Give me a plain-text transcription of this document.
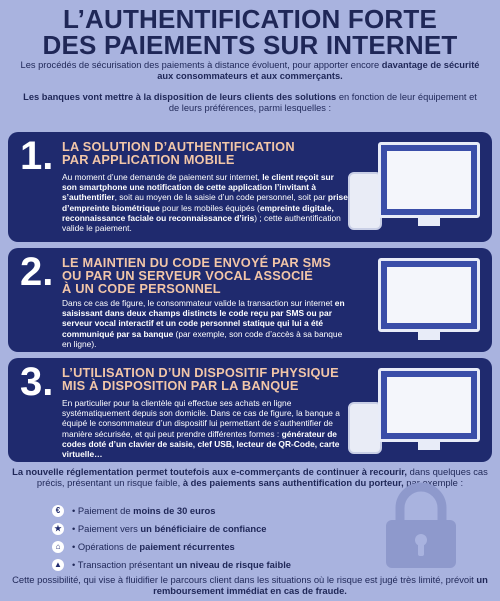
L’AUTHENTIFICATION FORTE
DES PAIEMENTS SUR INTERNET
Les procédés de sécurisation des paiements à distance évoluent, pour apporter encore davantage de sécurité aux consommateurs et aux commerçants.
Les banques vont mettre à la disposition de leurs clients des solutions en fonction de leur équipement et de leurs préférences, parmi lesquelles :
1. LA SOLUTION D’AUTHENTIFICATION
PAR APPLICATION MOBILE
Au moment d’une demande de paiement sur internet, le client reçoit sur son smartphone une notification de cette application l’invitant à s’authentifier, soit au moyen de la saisie d’un code personnel, soit par prise d’empreinte biométrique pour les mobiles équipés (empreinte digitale, reconnaissance faciale ou reconnaissance d’iris) ; cette authentification valide le paiement.
2. LE MAINTIEN DU CODE ENVOYÉ PAR SMS
OU PAR UN SERVEUR VOCAL ASSOCIÉ
À UN CODE PERSONNEL
Dans ce cas de figure, le consommateur valide la transaction sur internet en saisissant dans deux champs distincts le code reçu par SMS ou par serveur vocal interactif et un code personnel statique qui lui a été communiqué par sa banque (par exemple, son code d’accès à sa banque en ligne).
3. L’UTILISATION D’UN DISPOSITIF PHYSIQUE
MIS À DISPOSITION PAR LA BANQUE
En particulier pour la clientèle qui effectue ses achats en ligne systématiquement depuis son domicile. Dans ce cas de figure, la banque a équipé le consommateur d’un dispositif lui permettant de s’authentifier de manière sécurisée, et qui peut prendre différentes formes : générateur de codes doté d’un clavier de saisie, clef USB, lecteur de QR-Code, carte virtuelle…
La nouvelle réglementation permet toutefois aux e-commerçants de continuer à recourir, dans quelques cas précis, présentant un risque faible, à des paiements sans authentification du porteur, par exemple :
€	• Paiement de moins de 30 euros
★ • Paiement vers un bénéficiaire de confiance
⌂	• Opérations de paiement récurrentes
▲ • Transaction présentant un niveau de risque faible
Cette possibilité, qui vise à fluidifier le parcours client dans les situations où le risque est jugé très limité, prévoit un remboursement immédiat en cas de fraude.
